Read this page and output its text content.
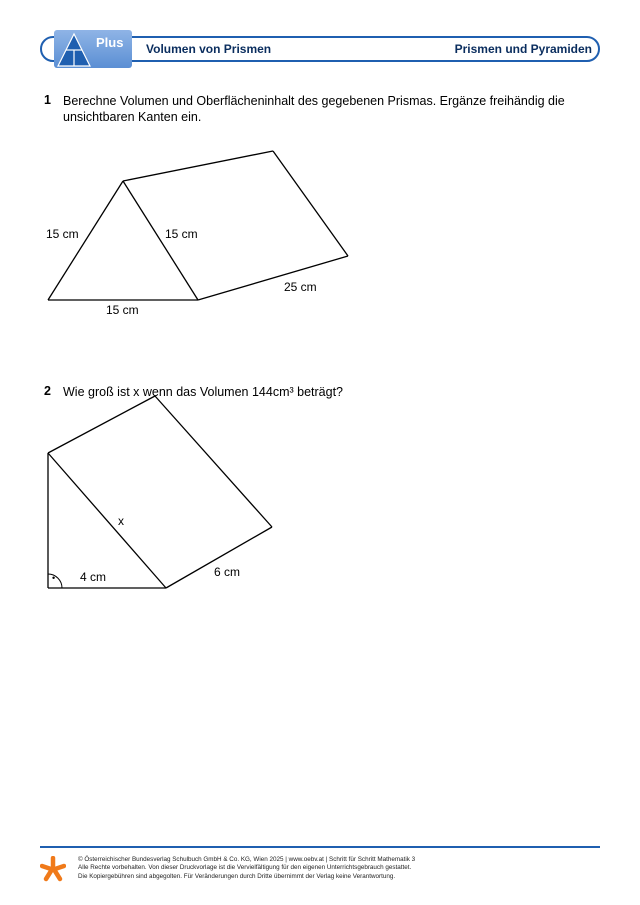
Plus Volumen von Prismen	Prismen und Pyramiden
1 Berechne Volumen und Oberflächeninhalt des gegebenen Prismas. Ergänze freihändig die
unsichtbaren Kanten ein.
15 cm	15 cm
15 cm
25 cm
2 Wie groß ist x wenn das Volumen 144cm³ beträgt?
x
4 cm	6 cm
•
© Österreichischer Bundesverlag Schulbuch GmbH & Co. KG, Wien 2025 | www.oebv.at | Schritt für Schritt Mathematik 3
Alle Rechte vorbehalten. Von dieser Druckvorlage ist die Vervielfältigung für den eigenen Unterrichtsgebrauch gestattet.
Die Kopiergebühren sind abgegolten. Für Veränderungen durch Dritte übernimmt der Verlag keine Verantwortung.
